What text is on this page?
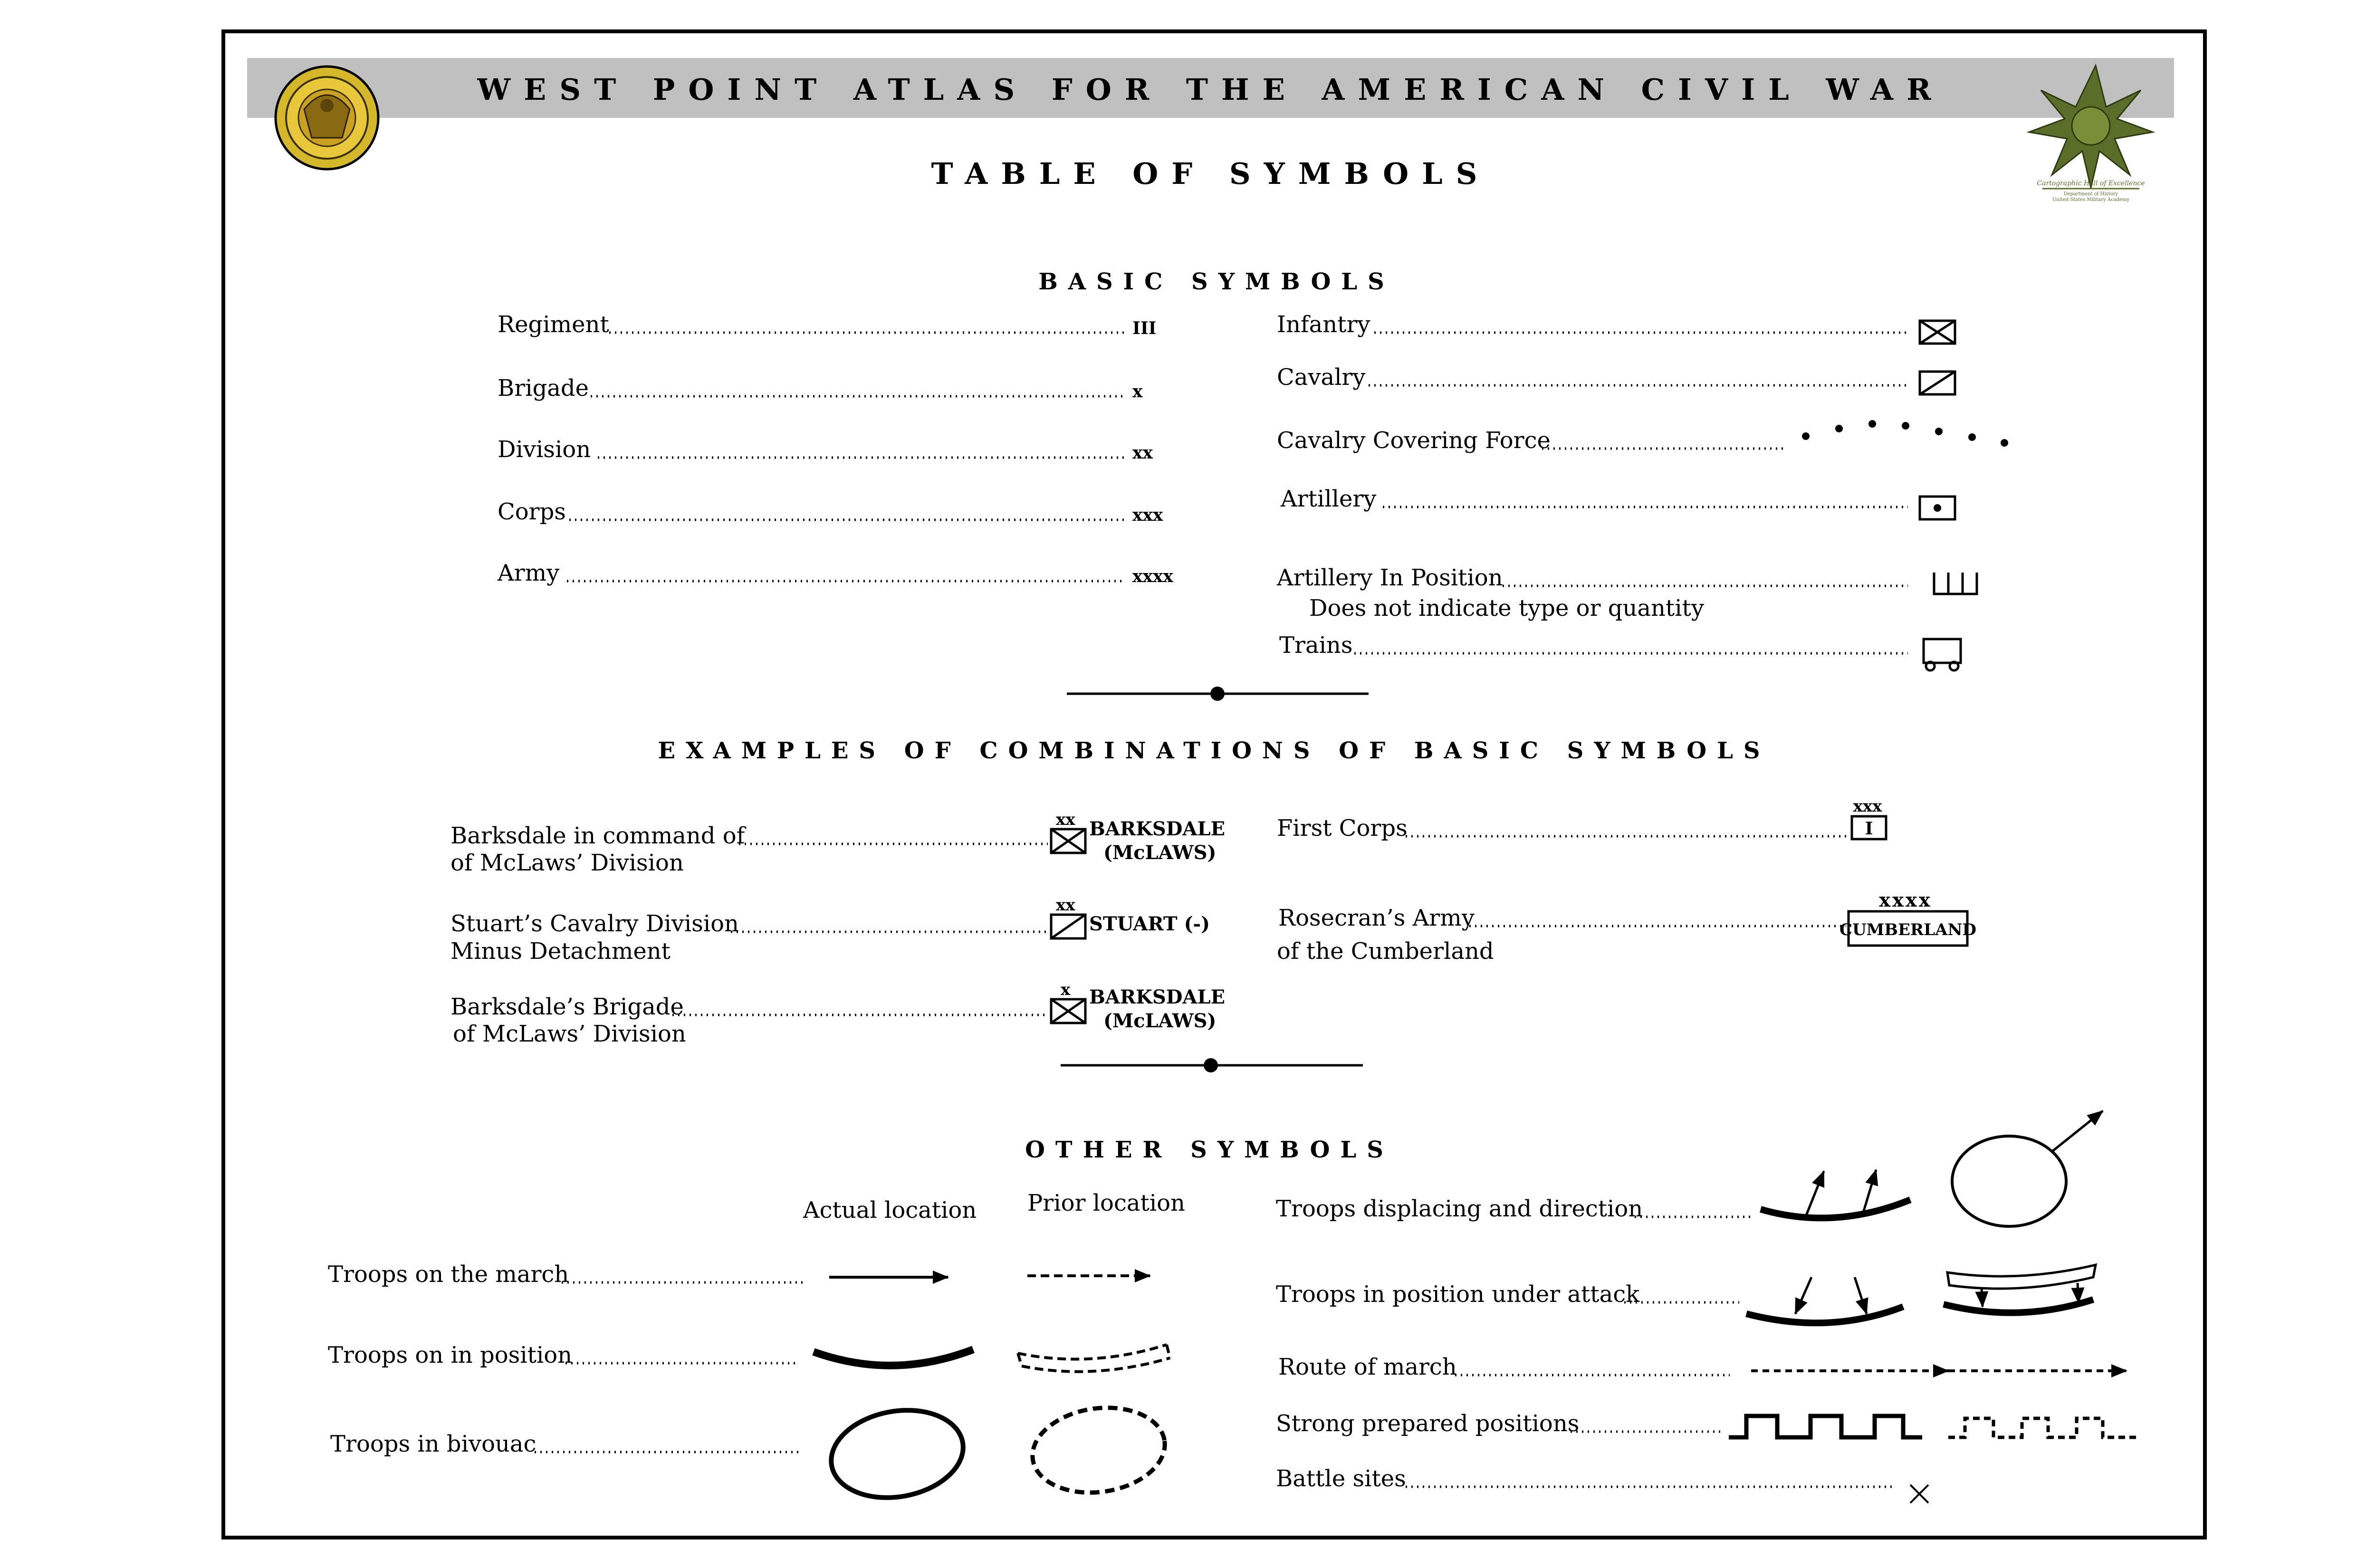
WEST POINT ATLAS FOR THE AMERICAN CIVIL WAR
Cartographic Hall of Excellence
Department of History
United States Military Academy
TABLE OF SYMBOLS
BASIC SYMBOLS
Regiment
Brigade
Division
Corps
Army
III
x
xx
xxx
xxxx
Infantry
Cavalry
Cavalry Covering Force
Artillery
Artillery In Position
Does not indicate type or quantity
Trains
EXAMPLES OF COMBINATIONS OF BASIC SYMBOLS
Barksdale in command of
of McLaws’ Division
Stuart’s Cavalry Division
Minus Detachment
Barksdale’s Brigade
of McLaws’ Division
xx
xx
x
BARKSDALE
(McLAWS)
STUART (-)
BARKSDALE
(McLAWS)
First Corps
Rosecran’s Army
of the Cumberland
xxx
I
xxxx
CUMBERLAND
OTHER SYMBOLS
Actual location Prior location
Troops on the march
Troops on in position
Troops in bivouac
Troops displacing and direction
Troops in position under attack
Route of march
Strong prepared positions
Battle sites
